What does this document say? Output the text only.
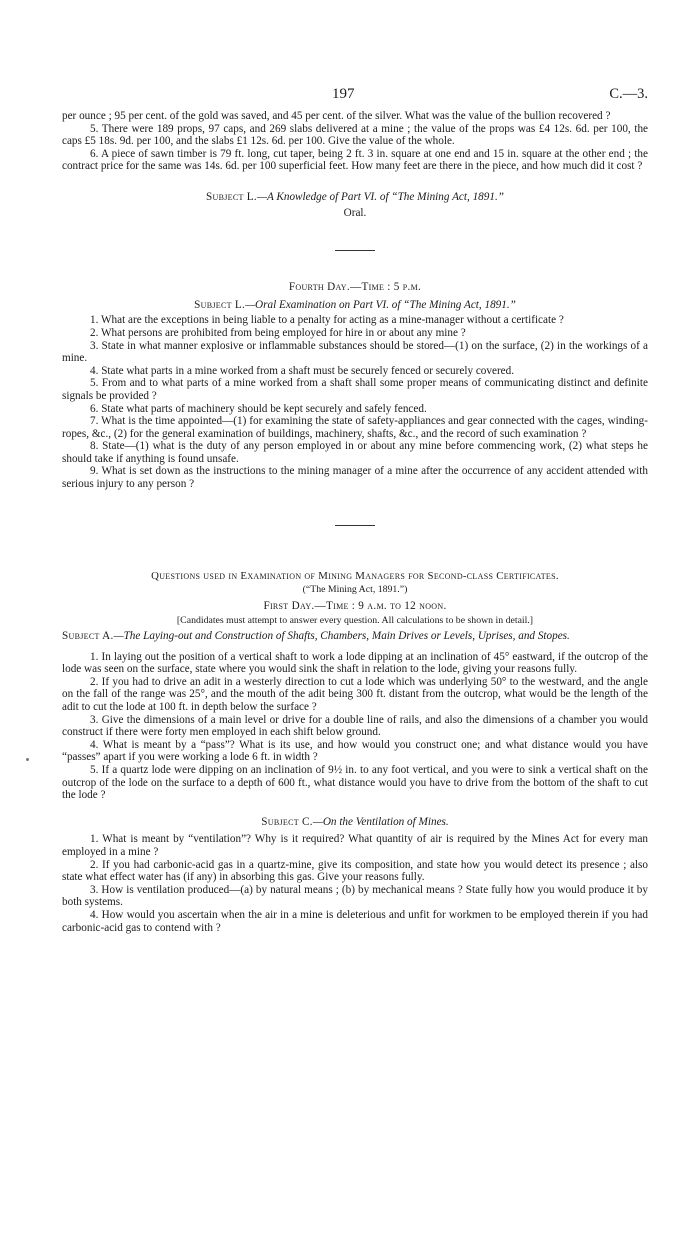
197	C.—3.

per ounce ; 95 per cent. of the gold was saved, and 45 per cent. of the silver. What was the value of the bullion recovered ?

5. There were 189 props, 97 caps, and 269 slabs delivered at a mine ; the value of the props was £4 12s. 6d. per 100, the caps £5 18s. 9d. per 100, and the slabs £1 12s. 6d. per 100. Give the value of the whole.

6. A piece of sawn timber is 79 ft. long, cut taper, being 2 ft. 3 in. square at one end and 15 in. square at the other end ; the contract price for the same was 14s. 6d. per 100 superficial feet. How many feet are there in the piece, and how much did it cost ?

Subject L.—A Knowledge of Part VI. of “The Mining Act, 1891.”

Oral.

Fourth Day.—Time : 5 p.m.

Subject L.—Oral Examination on Part VI. of “The Mining Act, 1891.”

1. What are the exceptions in being liable to a penalty for acting as a mine-manager without a certificate ?

2. What persons are prohibited from being employed for hire in or about any mine ?

3. State in what manner explosive or inflammable substances should be stored—(1) on the surface, (2) in the workings of a mine.

4. State what parts in a mine worked from a shaft must be securely fenced or securely covered.

5. From and to what parts of a mine worked from a shaft shall some proper means of communicating distinct and definite signals be provided ?

6. State what parts of machinery should be kept securely and safely fenced.

7. What is the time appointed—(1) for examining the state of safety-appliances and gear connected with the cages, winding-ropes, &c., (2) for the general examination of buildings, machinery, shafts, &c., and the record of such examination ?

8. State—(1) what is the duty of any person employed in or about any mine before commencing work, (2) what steps he should take if anything is found unsafe.

9. What is set down as the instructions to the mining manager of a mine after the occurrence of any accident attended with serious injury to any person ?

Questions used in Examination of Mining Managers for Second-class Certificates.

(“The Mining Act, 1891.”)

First Day.—Time : 9 a.m. to 12 noon.

[Candidates must attempt to answer every question. All calculations to be shown in detail.]

Subject A.—The Laying-out and Construction of Shafts, Chambers, Main Drives or Levels, Uprises, and Stopes.

1. In laying out the position of a vertical shaft to work a lode dipping at an inclination of 45° eastward, if the outcrop of the lode was seen on the surface, state where you would sink the shaft in relation to the lode, giving your reasons fully.

2. If you had to drive an adit in a westerly direction to cut a lode which was underlying 50° to the westward, and the angle on the fall of the range was 25°, and the mouth of the adit being 300 ft. distant from the outcrop, what would be the length of the adit to cut the lode at 100 ft. in depth below the surface ?

3. Give the dimensions of a main level or drive for a double line of rails, and also the dimensions of a chamber you would construct if there were forty men employed in each shift below ground.

4. What is meant by a “pass”? What is its use, and how would you construct one; and what distance would you have “passes” apart if you were working a lode 6 ft. in width ?

5. If a quartz lode were dipping on an inclination of 9½ in. to any foot vertical, and you were to sink a vertical shaft on the outcrop of the lode on the surface to a depth of 600 ft., what distance would you have to drive from the bottom of the shaft to cut the lode ?

Subject C.—On the Ventilation of Mines.

1. What is meant by “ventilation”? Why is it required? What quantity of air is required by the Mines Act for every man employed in a mine ?

2. If you had carbonic-acid gas in a quartz-mine, give its composition, and state how you would detect its presence ; also state what effect water has (if any) in absorbing this gas. Give your reasons fully.

3. How is ventilation produced—(a) by natural means ; (b) by mechanical means ? State fully how you would produce it by both systems.

4. How would you ascertain when the air in a mine is deleterious and unfit for workmen to be employed therein if you had carbonic-acid gas to contend with ?
